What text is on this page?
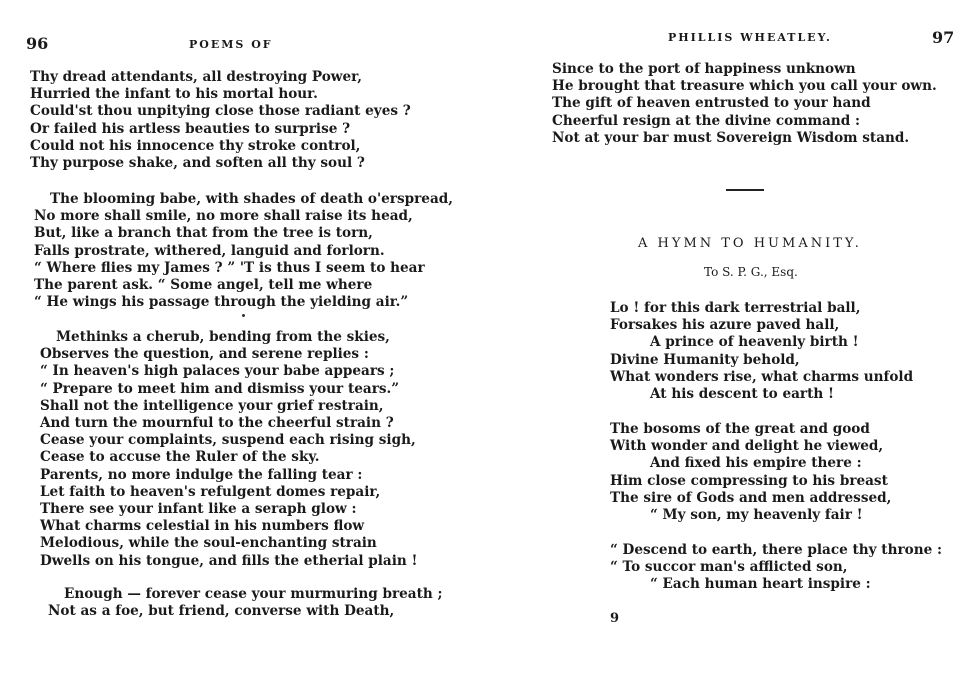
96	POEMS OF
Thy dread attendants, all destroying Power,
Hurried the infant to his mortal hour.
Could'st thou unpitying close those radiant eyes ?
Or failed his artless beauties to surprise ?
Could not his innocence thy stroke control,
Thy purpose shake, and soften all thy soul ?
The blooming babe, with shades of death o'erspread,
No more shall smile, no more shall raise its head,
But, like a branch that from the tree is torn,
Falls prostrate, withered, languid and forlorn.
“ Where flies my James ? ” 'T is thus I seem to hear
The parent ask. “ Some angel, tell me where
“ He wings his passage through the yielding air.”
Methinks a cherub, bending from the skies,
Observes the question, and serene replies :
“ In heaven's high palaces your babe appears ;
“ Prepare to meet him and dismiss your tears.”
Shall not the intelligence your grief restrain,
And turn the mournful to the cheerful strain ?
Cease your complaints, suspend each rising sigh,
Cease to accuse the Ruler of the sky.
Parents, no more indulge the falling tear :
Let faith to heaven's refulgent domes repair,
There see your infant like a seraph glow :
What charms celestial in his numbers flow
Melodious, while the soul-enchanting strain
Dwells on his tongue, and fills the etherial plain !
Enough — forever cease your murmuring breath ;
Not as a foe, but friend, converse with Death,
PHILLIS WHEATLEY.	97
Since to the port of happiness unknown
He brought that treasure which you call your own.
The gift of heaven entrusted to your hand
Cheerful resign at the divine command :
Not at your bar must Sovereign Wisdom stand.
A HYMN TO HUMANITY.
To S. P. G., Esq.
Lo ! for this dark terrestrial ball,
Forsakes his azure paved hall,
A prince of heavenly birth !
Divine Humanity behold,
What wonders rise, what charms unfold
At his descent to earth !
The bosoms of the great and good
With wonder and delight he viewed,
And fixed his empire there :
Him close compressing to his breast
The sire of Gods and men addressed,
“ My son, my heavenly fair !
“ Descend to earth, there place thy throne :
“ To succor man's afflicted son,
“ Each human heart inspire :
9
